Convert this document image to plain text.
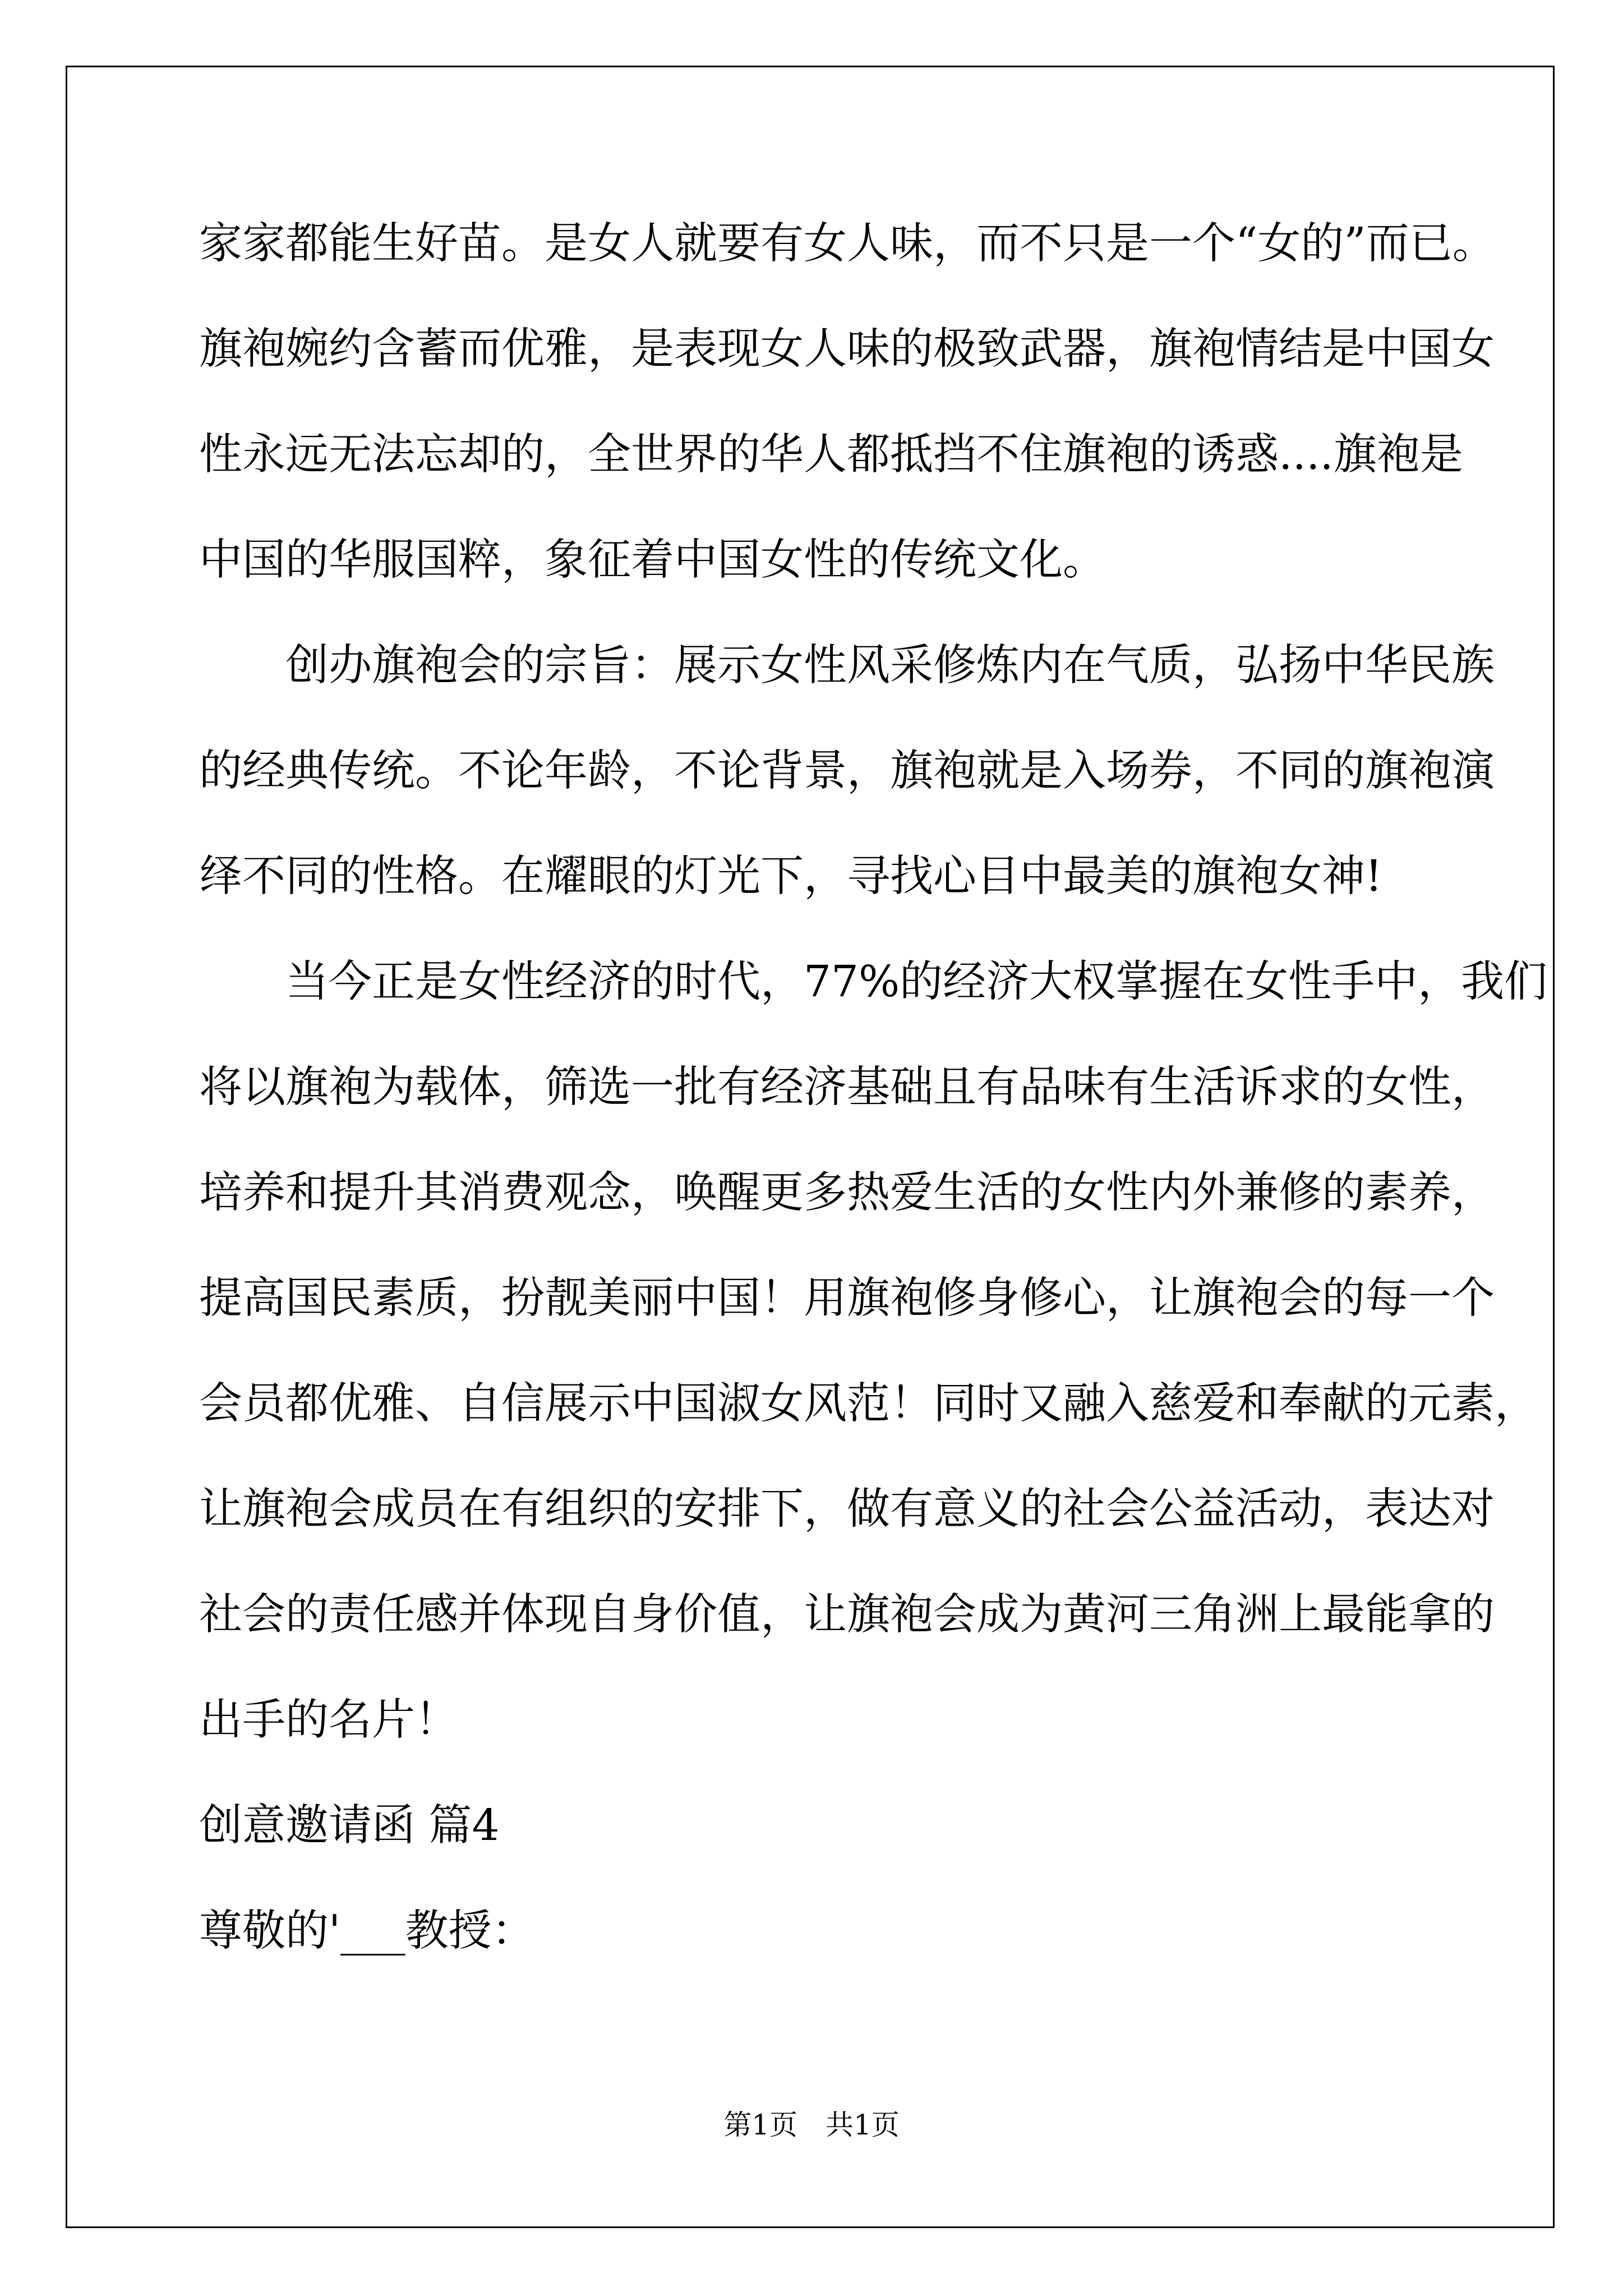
家家都能生好苗。是女人就要有女人味，而不只是一个“女的”而已。
旗袍婉约含蓄而优雅，是表现女人味的极致武器，旗袍情结是中国女
性永远无法忘却的，全世界的华人都抵挡不住旗袍的诱惑....旗袍是
中国的华服国粹，象征着中国女性的传统文化。
　　创办旗袍会的宗旨：展示女性风采修炼内在气质，弘扬中华民族
的经典传统。不论年龄，不论背景，旗袍就是入场券，不同的旗袍演
绎不同的性格。在耀眼的灯光下，寻找心目中最美的旗袍女神!
　　当今正是女性经济的时代，77%的经济大权掌握在女性手中，我们
将以旗袍为载体，筛选一批有经济基础且有品味有生活诉求的女性，
培养和提升其消费观念，唤醒更多热爱生活的女性内外兼修的素养，
提高国民素质，扮靓美丽中国！用旗袍修身修心，让旗袍会的每一个
会员都优雅、自信展示中国淑女风范！同时又融入慈爱和奉献的元素，
让旗袍会成员在有组织的安排下，做有意义的社会公益活动，表达对
社会的责任感并体现自身价值，让旗袍会成为黄河三角洲上最能拿的
出手的名片！
创意邀请函 篇4
尊敬的'___教授：
第1页　共1页
